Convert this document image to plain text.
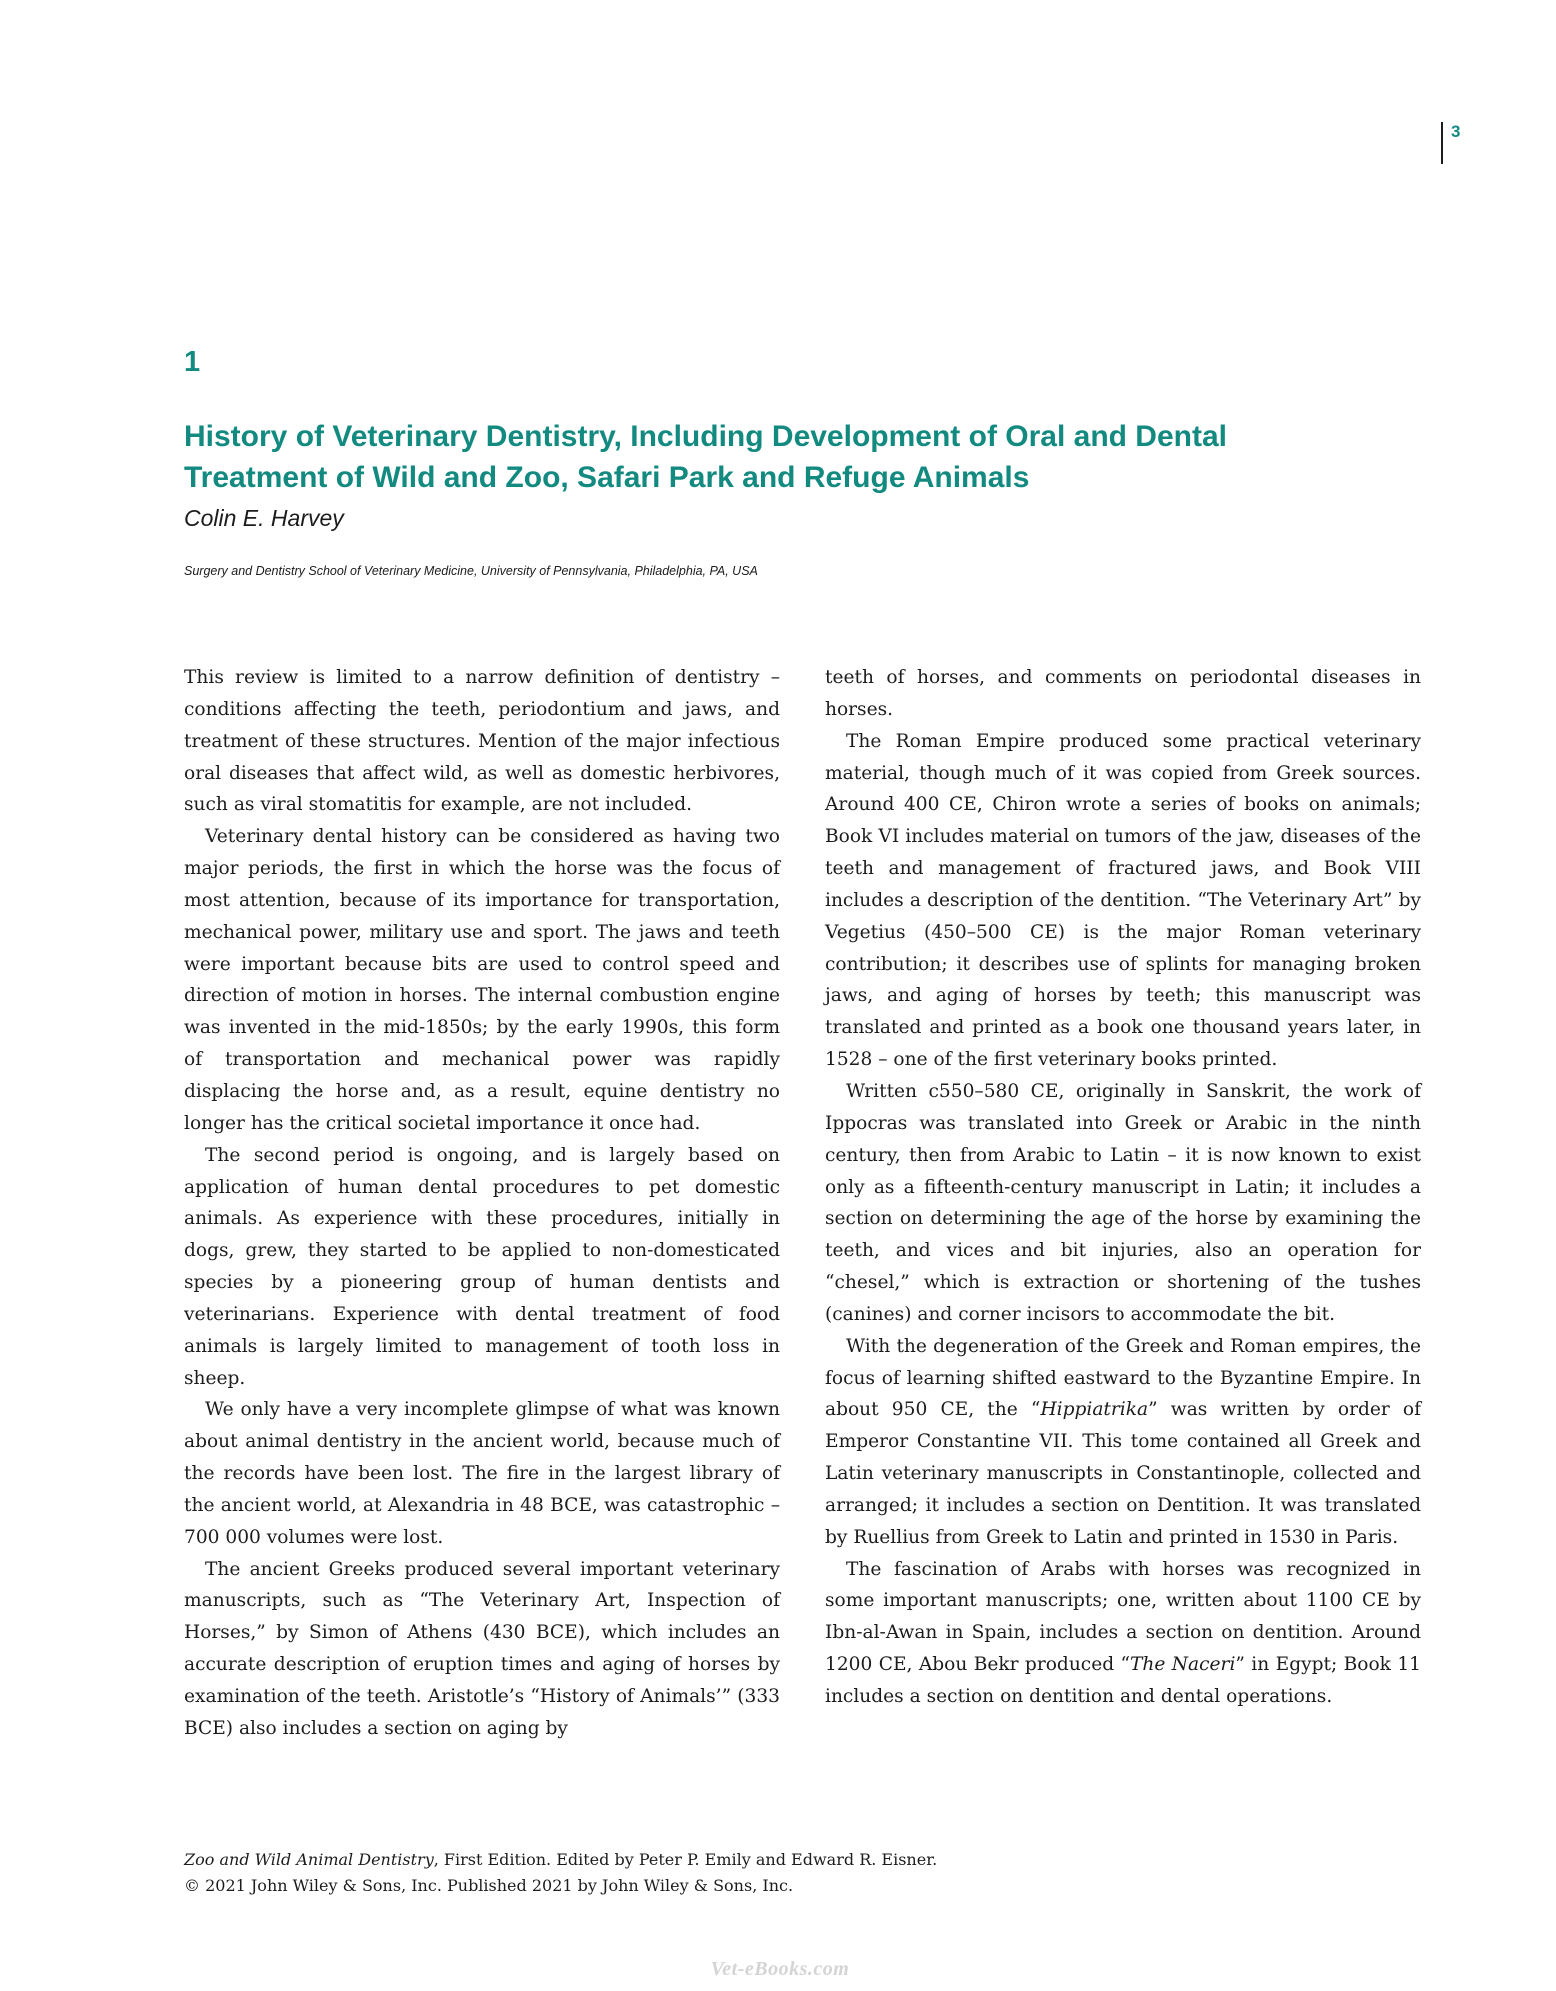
3
1
History of Veterinary Dentistry, Including Development of Oral and Dental
Treatment of Wild and Zoo, Safari Park and Refuge Animals
Colin E. Harvey
Surgery and Dentistry School of Veterinary Medicine, University of Pennsylvania, Philadelphia, PA, USA

This review is limited to a narrow definition of dentistry – conditions affecting the teeth, periodontium and jaws, and treatment of these structures. Mention of the major infectious oral diseases that affect wild, as well as domestic herbivores, such as viral stomatitis for example, are not included.

Veterinary dental history can be considered as having two major periods, the first in which the horse was the focus of most attention, because of its importance for transportation, mechanical power, military use and sport. The jaws and teeth were important because bits are used to control speed and direction of motion in horses. The internal combustion engine was invented in the mid-1850s; by the early 1990s, this form of transportation and mechanical power was rapidly displacing the horse and, as a result, equine dentistry no longer has the critical societal importance it once had.

The second period is ongoing, and is largely based on application of human dental procedures to pet domestic animals. As experience with these procedures, initially in dogs, grew, they started to be applied to non-domesticated species by a pioneering group of human dentists and veterinarians. Experience with dental treatment of food animals is largely limited to management of tooth loss in sheep.

We only have a very incomplete glimpse of what was known about animal dentistry in the ancient world, because much of the records have been lost. The fire in the largest library of the ancient world, at Alexandria in 48 BCE, was catastrophic – 700 000 volumes were lost.

The ancient Greeks produced several important veterinary manuscripts, such as “The Veterinary Art, Inspection of Horses,” by Simon of Athens (430 BCE), which includes an accurate description of eruption times and aging of horses by examination of the teeth. Aristotle’s “History of Animals’” (333 BCE) also includes a section on aging by

teeth of horses, and comments on periodontal diseases in horses.

The Roman Empire produced some practical veterinary material, though much of it was copied from Greek sources. Around 400 CE, Chiron wrote a series of books on animals; Book VI includes material on tumors of the jaw, diseases of the teeth and management of fractured jaws, and Book VIII includes a description of the dentition. “The Veterinary Art” by Vegetius (450–500 CE) is the major Roman veterinary contribution; it describes use of splints for managing broken jaws, and aging of horses by teeth; this manuscript was translated and printed as a book one thousand years later, in 1528 – one of the first veterinary books printed.

Written c550–580 CE, originally in Sanskrit, the work of Ippocras was translated into Greek or Arabic in the ninth century, then from Arabic to Latin – it is now known to exist only as a fifteenth-century manuscript in Latin; it includes a section on determining the age of the horse by examining the teeth, and vices and bit injuries, also an operation for “chesel,” which is extraction or shortening of the tushes (canines) and corner incisors to accommodate the bit.

With the degeneration of the Greek and Roman empires, the focus of learning shifted eastward to the Byzantine Empire. In about 950 CE, the “Hippiatrika” was written by order of Emperor Constantine VII. This tome contained all Greek and Latin veterinary manuscripts in Constantinople, collected and arranged; it includes a section on Dentition. It was translated by Ruellius from Greek to Latin and printed in 1530 in Paris.

The fascination of Arabs with horses was recognized in some important manuscripts; one, written about 1100 CE by Ibn-al-Awan in Spain, includes a section on dentition. Around 1200 CE, Abou Bekr produced “The Naceri” in Egypt; Book 11 includes a section on dentition and dental operations.

Zoo and Wild Animal Dentistry, First Edition. Edited by Peter P. Emily and Edward R. Eisner.
© 2021 John Wiley & Sons, Inc. Published 2021 by John Wiley & Sons, Inc.
Vet-eBooks.com
